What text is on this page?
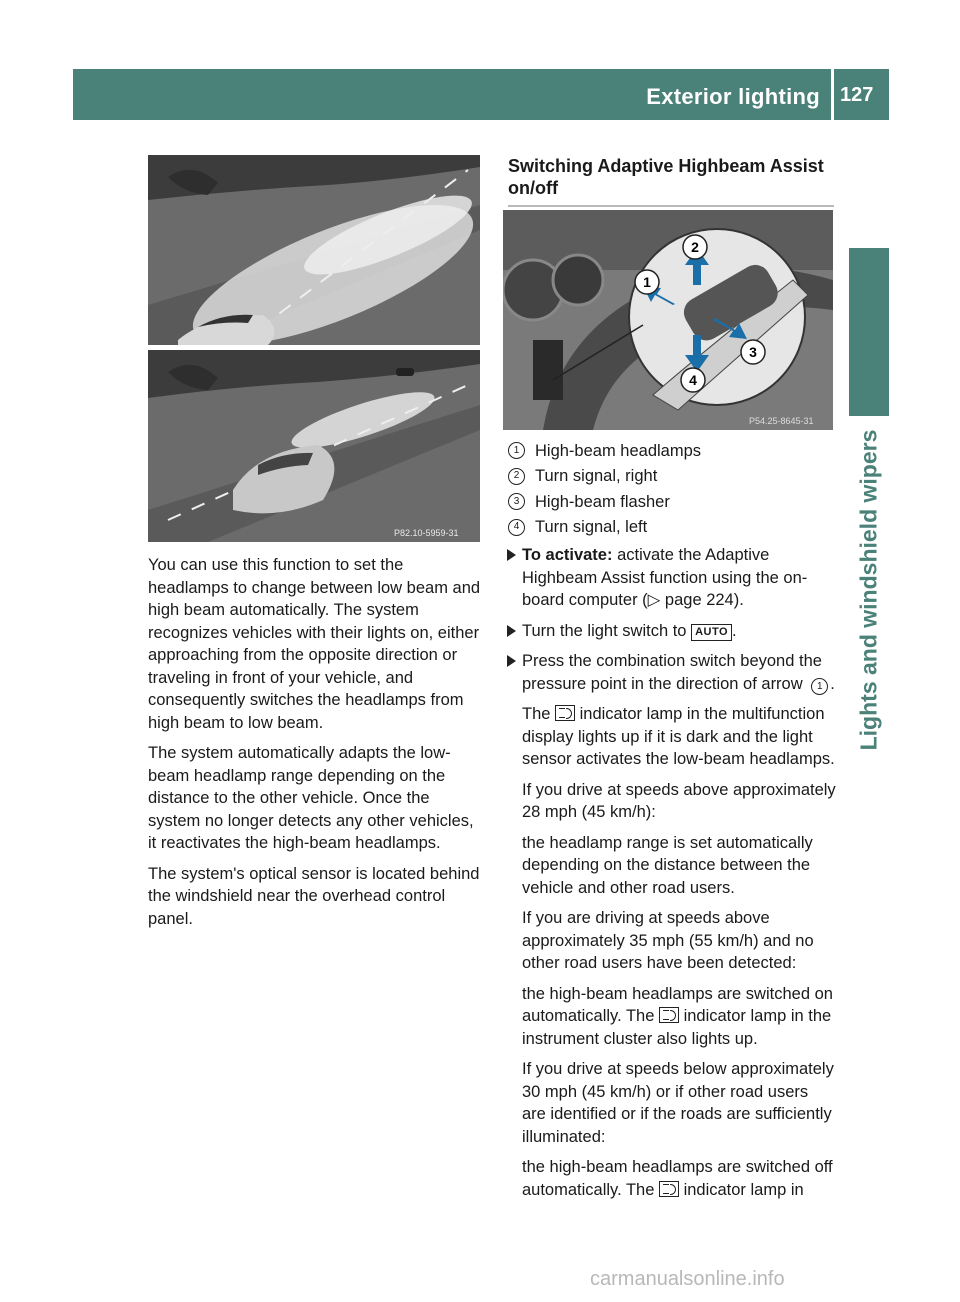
Exterior lighting 127
Lights and windshield wipers
P82.10-5959-31

You can use this function to set the headlamps to change between low beam and high beam automatically. The system recognizes vehicles with their lights on, either approaching from the opposite direction or traveling in front of your vehicle, and consequently switches the headlamps from high beam to low beam.

The system automatically adapts the low-beam headlamp range depending on the distance to the other vehicle. Once the system no longer detects any other vehicles, it reactivates the high-beam headlamps.

The system's optical sensor is located behind the windshield near the overhead control panel.

Switching Adaptive Highbeam Assist on/off
1
2
3
4
P54.25-8645-31
1 High-beam headlamps
2 Turn signal, right
3 High-beam flasher
4 Turn signal, left
To activate: activate the Adaptive Highbeam Assist function using the on-board computer (▷ page 224).
Turn the light switch to AUTO .

Press the combination switch beyond the pressure point in the direction of arrow 1 .

The indicator lamp in the multifunction display lights up if it is dark and the light sensor activates the low-beam headlamps.

If you drive at speeds above approximately 28 mph (45 km/h):

the headlamp range is set automatically depending on the distance between the vehicle and other road users.

If you are driving at speeds above approximately 35 mph (55 km/h) and no other road users have been detected:

the high-beam headlamps are switched on automatically. The indicator lamp in the instrument cluster also lights up.

If you drive at speeds below approximately 30 mph (45 km/h) or if other road users are identified or if the roads are sufficiently illuminated:

the high-beam headlamps are switched off automatically. The indicator lamp in

carmanualsonline.info
